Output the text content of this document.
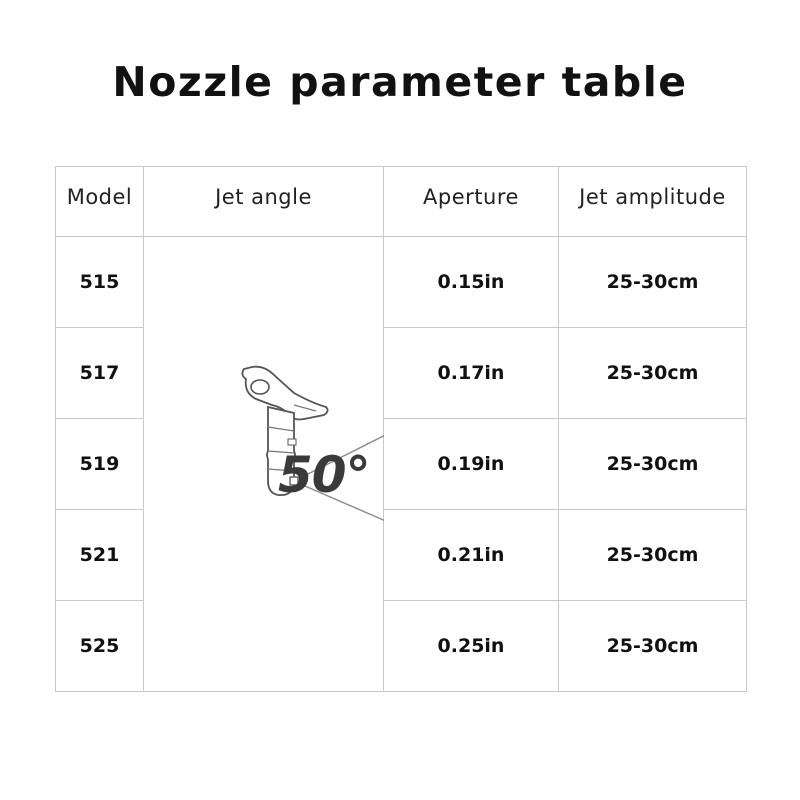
Nozzle parameter table
Model	Jet angle	Aperture	Jet amplitude
515		0.15in	25-30cm
517		0.17in	25-30cm
519		0.19in	25-30cm
521		0.21in	25-30cm
525		0.25in	25-30cm
50°
